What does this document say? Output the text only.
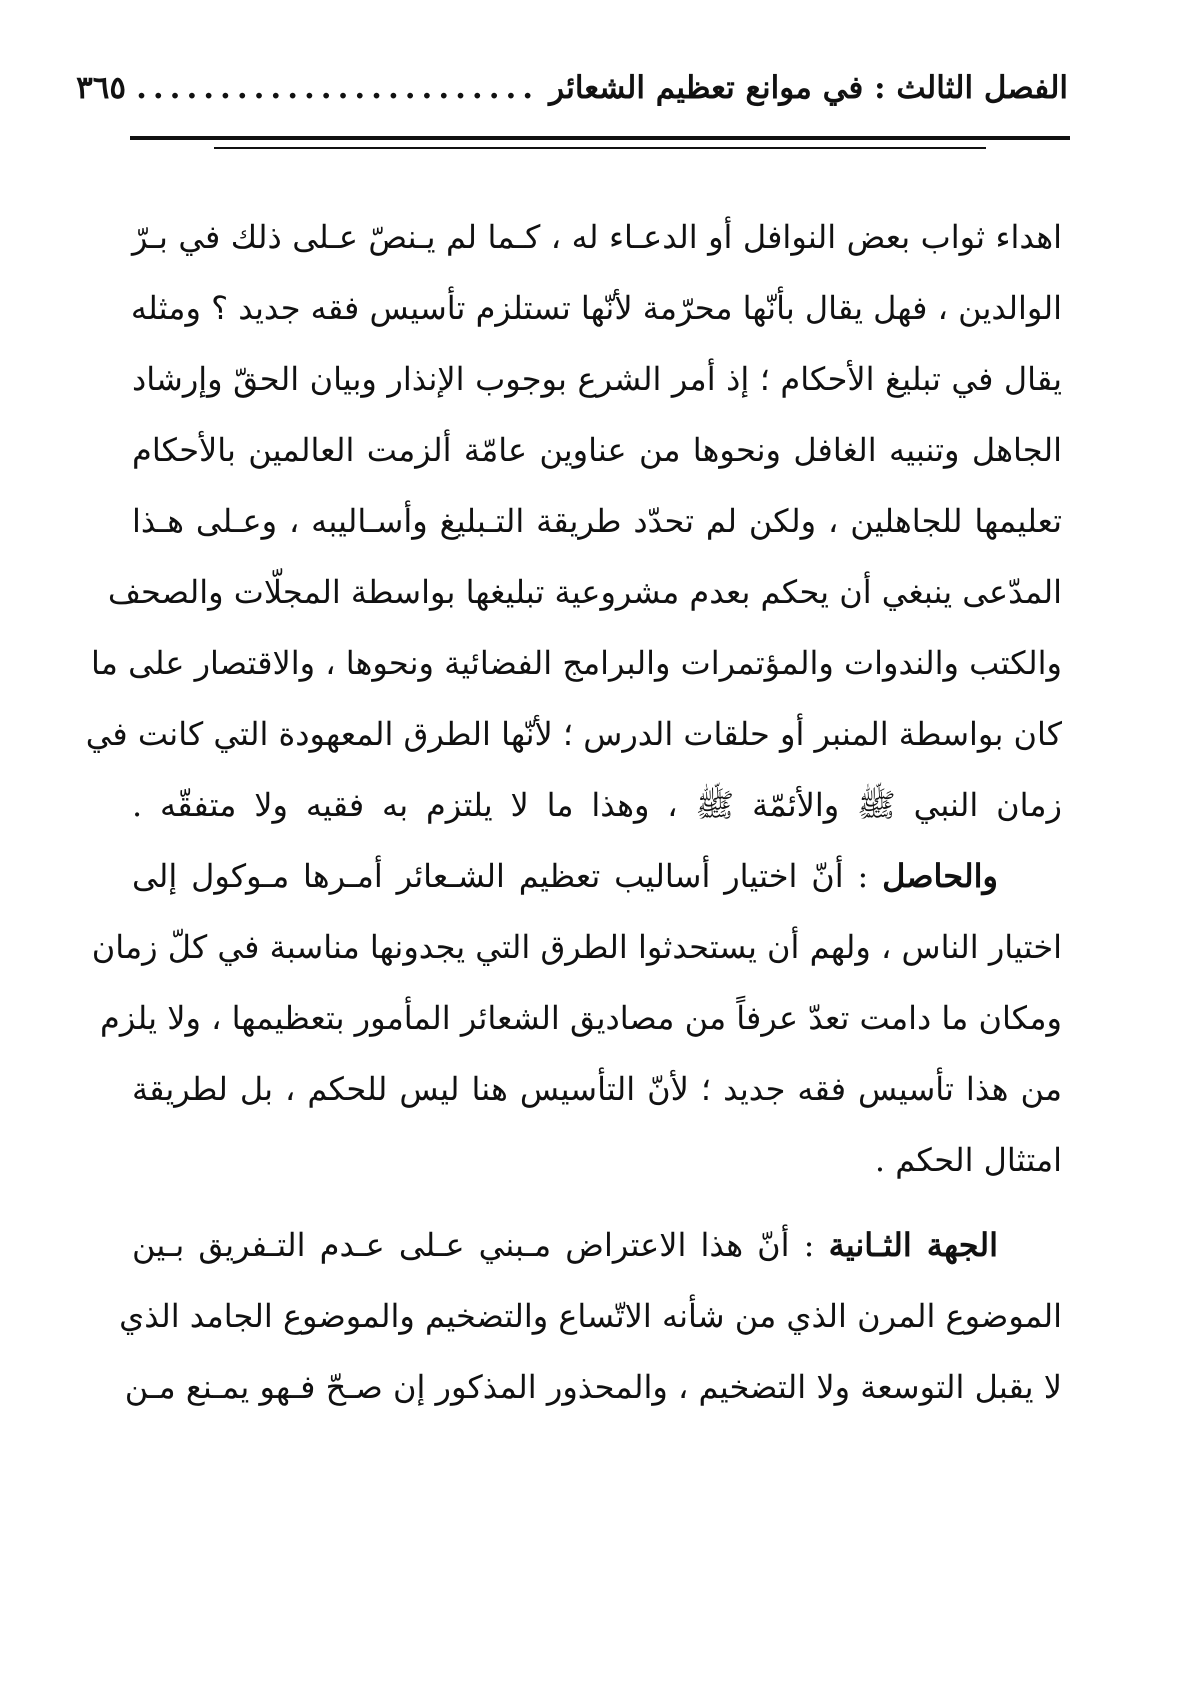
الفصل الثالث : في موانع تعظيم الشعائر
........................
٣٦٥
اهداء ثواب بعض النوافل أو الدعـاء له ، كـما لم يـنصّ عـلى ذلك في بـرّ
الوالدين ، فهل يقال بأنّها محرّمة لأنّها تستلزم تأسيس فقه جديد ؟ ومثله
يقال في تبليغ الأحكام ؛ إذ أمر الشرع بوجوب الإنذار وبيان الحقّ وإرشاد
الجاهل وتنبيه الغافل ونحوها من عناوين عامّة ألزمت العالمين بالأحكام
تعليمها للجاهلين ، ولكن لم تحدّد طريقة التـبليغ وأسـاليبه ، وعـلى هـذا
المدّعى ينبغي أن يحكم بعدم مشروعية تبليغها بواسطة المجلّات والصحف
والكتب والندوات والمؤتمرات والبرامج الفضائية ونحوها ، والاقتصار على ما
كان بواسطة المنبر أو حلقات الدرس ؛ لأنّها الطرق المعهودة التي كانت في
زمان النبي ﷺ والأئمّة ﷺ ، وهذا ما لا يلتزم به فقيه ولا متفقّه .
والحاصل : أنّ اختيار أساليب تعظيم الشـعائر أمـرها مـوكول إلى
اختيار الناس ، ولهم أن يستحدثوا الطرق التي يجدونها مناسبة في كلّ زمان
ومكان ما دامت تعدّ عرفاً من مصاديق الشعائر المأمور بتعظيمها ، ولا يلزم
من هذا تأسيس فقه جديد ؛ لأنّ التأسيس هنا ليس للحكم ، بل لطريقة
امتثال الحكم .
الجهة الثـانية : أنّ هذا الاعتراض مـبني عـلى عـدم التـفريق بـين
الموضوع المرن الذي من شأنه الاتّساع والتضخيم والموضوع الجامد الذي
لا يقبل التوسعة ولا التضخيم ، والمحذور المذكور إن صـحّ فـهو يمـنع مـن
